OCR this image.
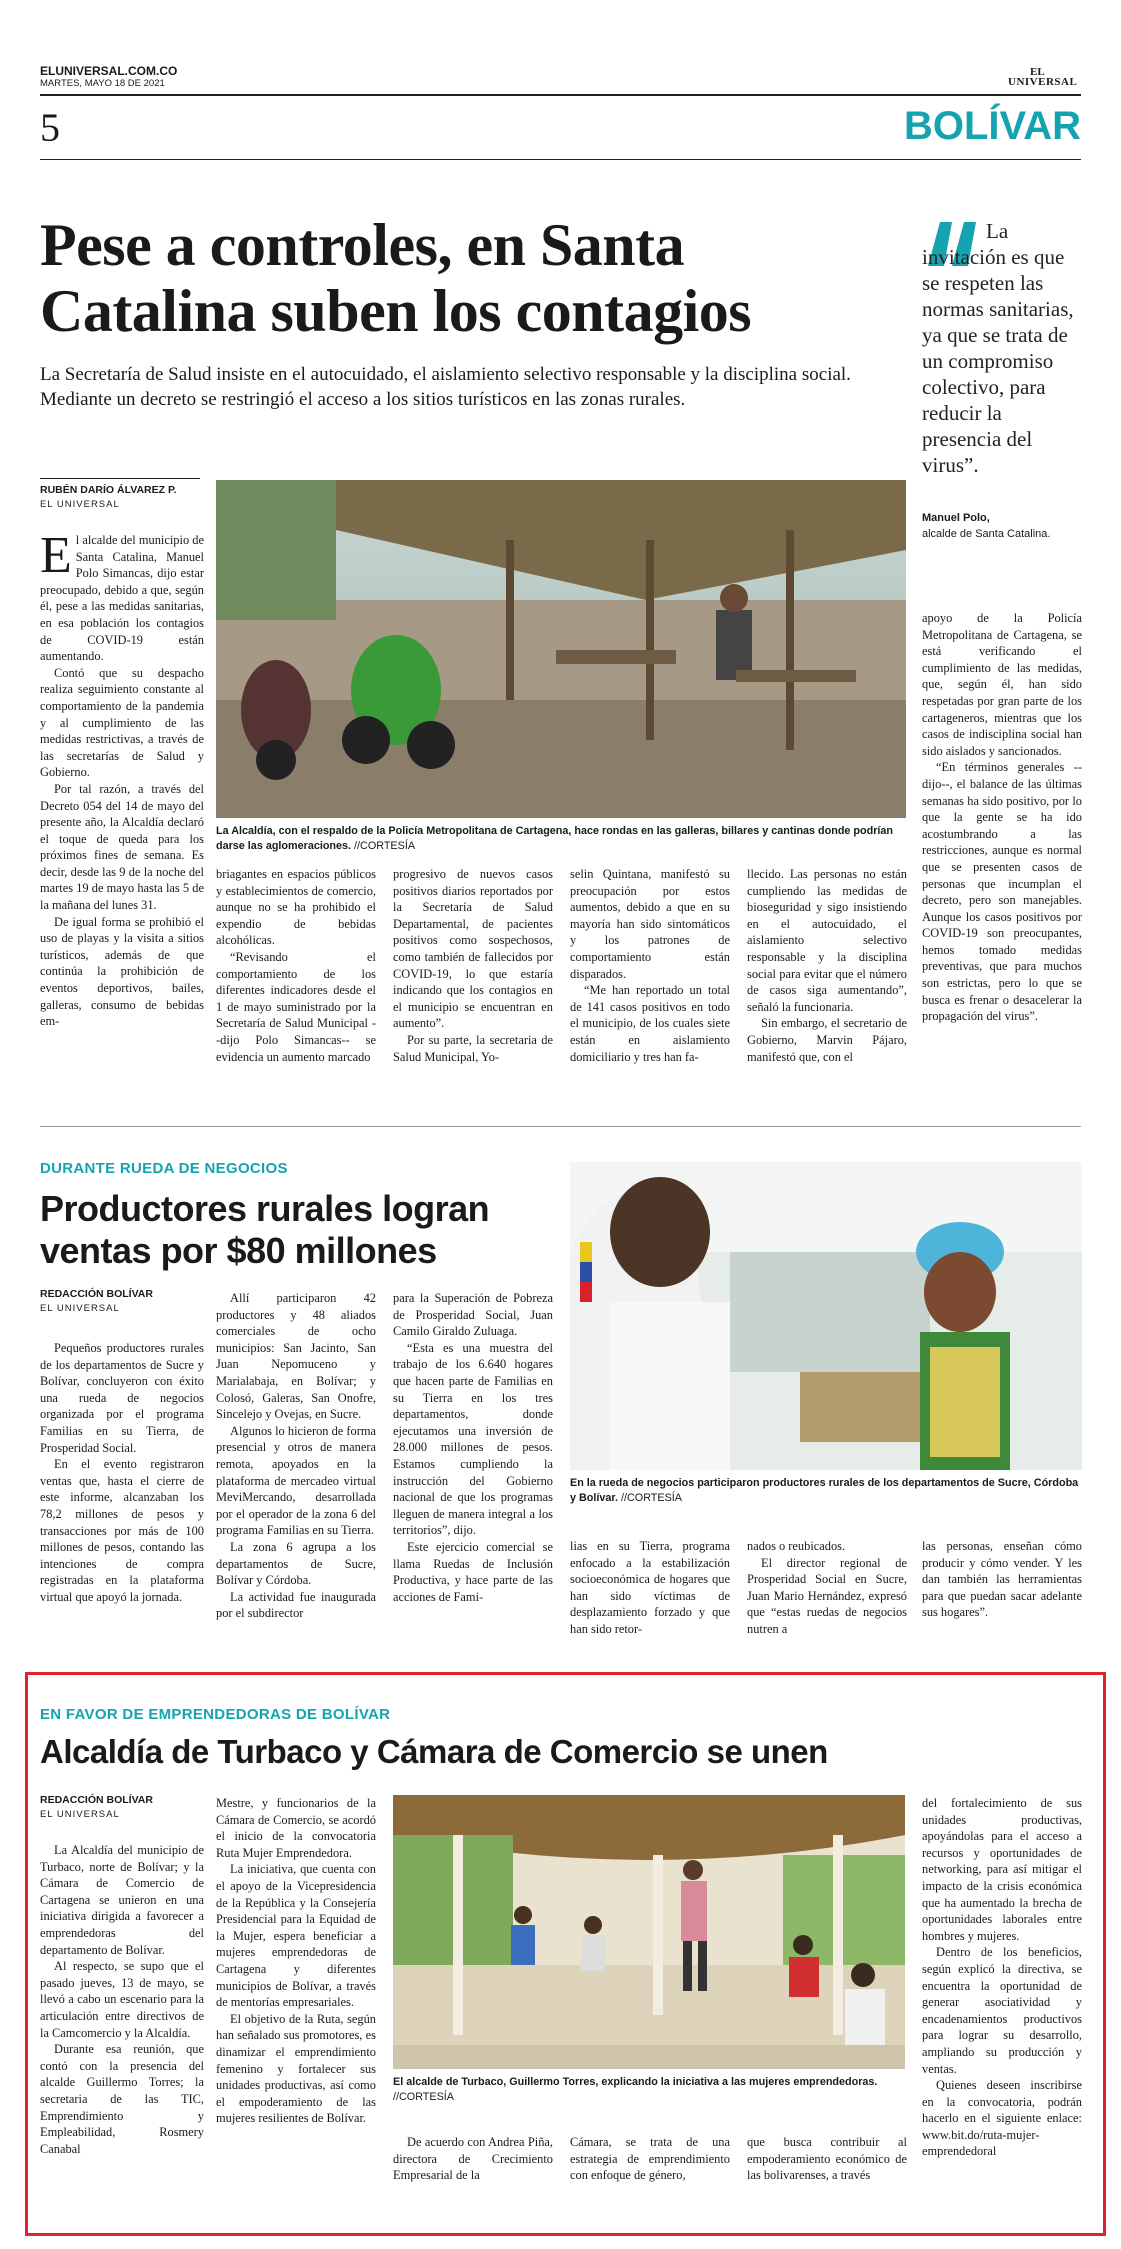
ELUNIVERSAL.COM.CO
MARTES, MAYO 18 DE 2021
EL
UNIVERSAL
5	BOLÍVAR
Pese a controles, en Santa
Catalina suben los contagios
La Secretaría de Salud insiste en el autocuidado, el aislamiento selectivo responsable y la disciplina social. Mediante un decreto se restringió el acceso a los sitios turísticos en las zonas rurales.
La invitación es que se respeten las normas sanitarias, ya que se trata de un compromiso colectivo, para reducir la presencia del virus”.
Manuel Polo,
alcalde de Santa Catalina.
RUBÉN DARÍO ÁLVAREZ P.
EL UNIVERSAL
La Alcaldía, con el respaldo de la Policía Metropolitana de Cartagena, hace rondas en las galleras, billares y cantinas donde podrían darse las aglomeraciones. //CORTESÍA

El alcalde del municipio de Santa Catalina, Manuel Polo Simancas, dijo estar preocupado, debido a que, según él, pese a las medidas sanitarias, en esa población los contagios de COVID-19 están aumentando.

Contó que su despacho realiza seguimiento constante al comportamiento de la pandemia y al cumplimiento de las medidas restrictivas, a través de las secretarías de Salud y Gobierno.

Por tal razón, a través del Decreto 054 del 14 de mayo del presente año, la Alcaldía declaró el toque de queda para los próximos fines de semana. Es decir, desde las 9 de la noche del martes 19 de mayo hasta las 5 de la mañana del lunes 31.

De igual forma se prohibió el uso de playas y la visita a sitios turísticos, además de que continúa la prohibición de eventos deportivos, bailes, galleras, consumo de bebidas em-

briagantes en espacios públicos y establecimientos de comercio, aunque no se ha prohibido el expendio de bebidas alcohólicas.

“Revisando el comportamiento de los diferentes indicadores desde el 1 de mayo suministrado por la Secretaría de Salud Municipal --dijo Polo Simancas-- se evidencia un aumento marcado

progresivo de nuevos casos positivos diarios reportados por la Secretaría de Salud Departamental, de pacientes positivos como sospechosos, como también de fallecidos por COVID-19, lo que estaría indicando que los contagios en el municipio se encuentran en aumento”.

Por su parte, la secretaria de Salud Municipal, Yo-

selin Quintana, manifestó su preocupación por estos aumentos, debido a que en su mayoría han sido sintomáticos y los patrones de comportamiento están disparados.

“Me han reportado un total de 141 casos positivos en todo el municipio, de los cuales siete están en aislamiento domiciliario y tres han fa-

llecido. Las personas no están cumpliendo las medidas de bioseguridad y sigo insistiendo en el autocuidado, el aislamiento selectivo responsable y la disciplina social para evitar que el número de casos siga aumentando”, señaló la funcionaria.

Sin embargo, el secretario de Gobierno, Marvin Pájaro, manifestó que, con el

apoyo de la Policía Metropolitana de Cartagena, se está verificando el cumplimiento de las medidas, que, según él, han sido respetadas por gran parte de los cartageneros, mientras que los casos de indisciplina social han sido aislados y sancionados.

“En términos generales --dijo--, el balance de las últimas semanas ha sido positivo, por lo que la gente se ha ido acostumbrando a las restricciones, aunque es normal que se presenten casos de personas que incumplan el decreto, pero son manejables. Aunque los casos positivos por COVID-19 son preocupantes, hemos tomado medidas preventivas, que para muchos son estrictas, pero lo que se busca es frenar o desacelerar la propagación del virus”.

DURANTE RUEDA DE NEGOCIOS
Productores rurales logran
ventas por $80 millones
REDACCIÓN BOLÍVAR
EL UNIVERSAL
En la rueda de negocios participaron productores rurales de los departamentos de Sucre, Córdoba y Bolívar. //CORTESÍA

Pequeños productores rurales de los departamentos de Sucre y Bolívar, concluyeron con éxito una rueda de negocios organizada por el programa Familias en su Tierra, de Prosperidad Social.

En el evento registraron ventas que, hasta el cierre de este informe, alcanzaban los 78,2 millones de pesos y transacciones por más de 100 millones de pesos, contando las intenciones de compra registradas en la plataforma virtual que apoyó la jornada.

Allí participaron 42 productores y 48 aliados comerciales de ocho municipios: San Jacinto, San Juan Nepomuceno y Marialabaja, en Bolívar; y Colosó, Galeras, San Onofre, Sincelejo y Ovejas, en Sucre.

Algunos lo hicieron de forma presencial y otros de manera remota, apoyados en la plataforma de mercadeo virtual MeviMercando, desarrollada por el operador de la zona 6 del programa Familias en su Tierra.

La zona 6 agrupa a los departamentos de Sucre, Bolívar y Córdoba.

La actividad fue inaugurada por el subdirector

para la Superación de Pobreza de Prosperidad Social, Juan Camilo Giraldo Zuluaga.

“Esta es una muestra del trabajo de los 6.640 hogares que hacen parte de Familias en su Tierra en los tres departamentos, donde ejecutamos una inversión de 28.000 millones de pesos. Estamos cumpliendo la instrucción del Gobierno nacional de que los programas lleguen de manera integral a los territorios”, dijo.

Este ejercicio comercial se llama Ruedas de Inclusión Productiva, y hace parte de las acciones de Fami-

lias en su Tierra, programa enfocado a la estabilización socioeconómica de hogares que han sido víctimas de desplazamiento forzado y que han sido retor-

nados o reubicados.

El director regional de Prosperidad Social en Sucre, Juan Mario Hernández, expresó que “estas ruedas de negocios nutren a

las personas, enseñan cómo producir y cómo vender. Y les dan también las herramientas para que puedan sacar adelante sus hogares”.

EN FAVOR DE EMPRENDEDORAS DE BOLÍVAR
Alcaldía de Turbaco y Cámara de Comercio se unen
REDACCIÓN BOLÍVAR
EL UNIVERSAL
El alcalde de Turbaco, Guillermo Torres, explicando la iniciativa a las mujeres emprendedoras. //CORTESÍA

La Alcaldía del municipio de Turbaco, norte de Bolívar; y la Cámara de Comercio de Cartagena se unieron en una iniciativa dirigida a favorecer a emprendedoras del departamento de Bolívar.

Al respecto, se supo que el pasado jueves, 13 de mayo, se llevó a cabo un escenario para la articulación entre directivos de la Camcomercio y la Alcaldía.

Durante esa reunión, que contó con la presencia del alcalde Guillermo Torres; la secretaria de las TIC, Emprendimiento y Empleabilidad, Rosmery Canabal

Mestre, y funcionarios de la Cámara de Comercio, se acordó el inicio de la convocatoria Ruta Mujer Emprendedora.

La iniciativa, que cuenta con el apoyo de la Vicepresidencia de la República y la Consejería Presidencial para la Equidad de la Mujer, espera beneficiar a mujeres emprendedoras de Cartagena y diferentes municipios de Bolívar, a través de mentorías empresariales.

El objetivo de la Ruta, según han señalado sus promotores, es dinamizar el emprendimiento femenino y fortalecer sus unidades productivas, así como el empoderamiento de las mujeres resilientes de Bolívar.

De acuerdo con Andrea Piña, directora de Crecimiento Empresarial de la

Cámara, se trata de una estrategia de emprendimiento con enfoque de género,

que busca contribuir al empoderamiento económico de las bolivarenses, a través

del fortalecimiento de sus unidades productivas, apoyándolas para el acceso a recursos y oportunidades de networking, para así mitigar el impacto de la crisis económica que ha aumentado la brecha de oportunidades laborales entre hombres y mujeres.

Dentro de los beneficios, según explicó la directiva, se encuentra la oportunidad de generar asociatividad y encadenamientos productivos para lograr su desarrollo, ampliando su producción y ventas.

Quienes deseen inscribirse en la convocatoria, podrán hacerlo en el siguiente enlace: www.bit.do/ruta-mujer-emprendedoral
